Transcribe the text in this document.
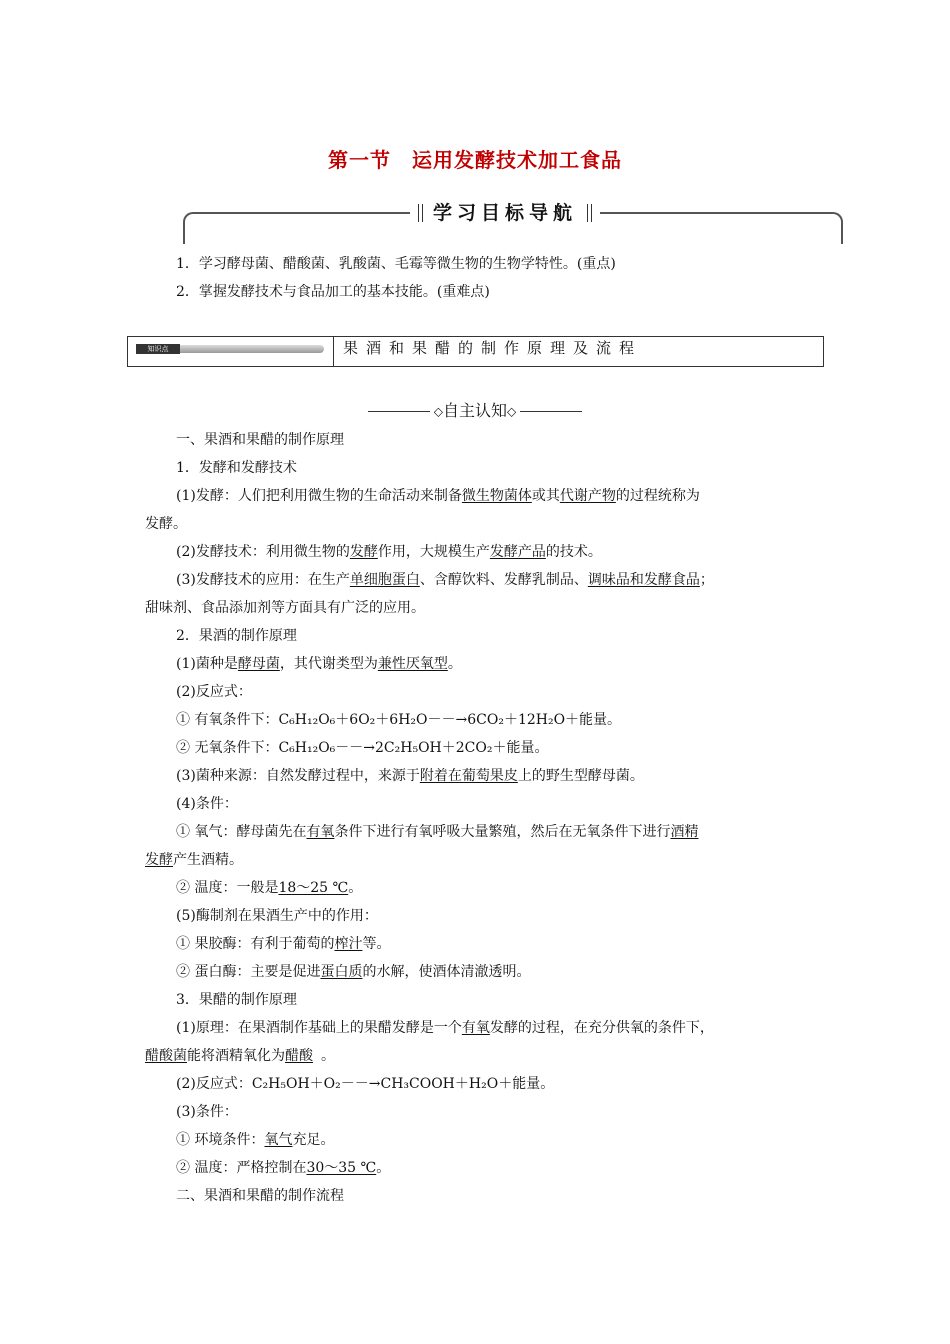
第一节　运用发酵技术加工食品
学习目标导航
1．学习酵母菌、醋酸菌、乳酸菌、毛霉等微生物的生物学特性。(重点)
2．掌握发酵技术与食品加工的基本技能。(重难点)
知识点	果酒和果醋的制作原理及流程
◇自主认知◇
一、果酒和果醋的制作原理
1．发酵和发酵技术
(1)发酵：人们把利用微生物的生命活动来制备微生物菌体或其代谢产物的过程统称为
发酵。
(2)发酵技术：利用微生物的发酵作用，大规模生产发酵产品的技术。
(3)发酵技术的应用：在生产单细胞蛋白、含醇饮料、发酵乳制品、调味品和发酵食品；
甜味剂、食品添加剂等方面具有广泛的应用。
2．果酒的制作原理
(1)菌种是酵母菌，其代谢类型为兼性厌氧型。
(2)反应式：
① 有氧条件下：C₆H₁₂O₆＋6O₂＋6H₂O－－→6CO₂＋12H₂O＋能量。
② 无氧条件下：C₆H₁₂O₆－－→2C₂H₅OH＋2CO₂＋能量。
(3)菌种来源：自然发酵过程中，来源于附着在葡萄果皮上的野生型酵母菌。
(4)条件：
① 氧气：酵母菌先在有氧条件下进行有氧呼吸大量繁殖，然后在无氧条件下进行酒精
发酵产生酒精。
② 温度：一般是18～25 ℃。
(5)酶制剂在果酒生产中的作用：
① 果胶酶：有利于葡萄的榨汁等。
② 蛋白酶：主要是促进蛋白质的水解，使酒体清澈透明。
3．果醋的制作原理
(1)原理：在果酒制作基础上的果醋发酵是一个有氧发酵的过程，在充分供氧的条件下，
醋酸菌能将酒精氧化为醋酸 。
(2)反应式：C₂H₅OH＋O₂－－→CH₃COOH＋H₂O＋能量。
(3)条件：
① 环境条件：氧气充足。
② 温度：严格控制在30～35 ℃。
二、果酒和果醋的制作流程
